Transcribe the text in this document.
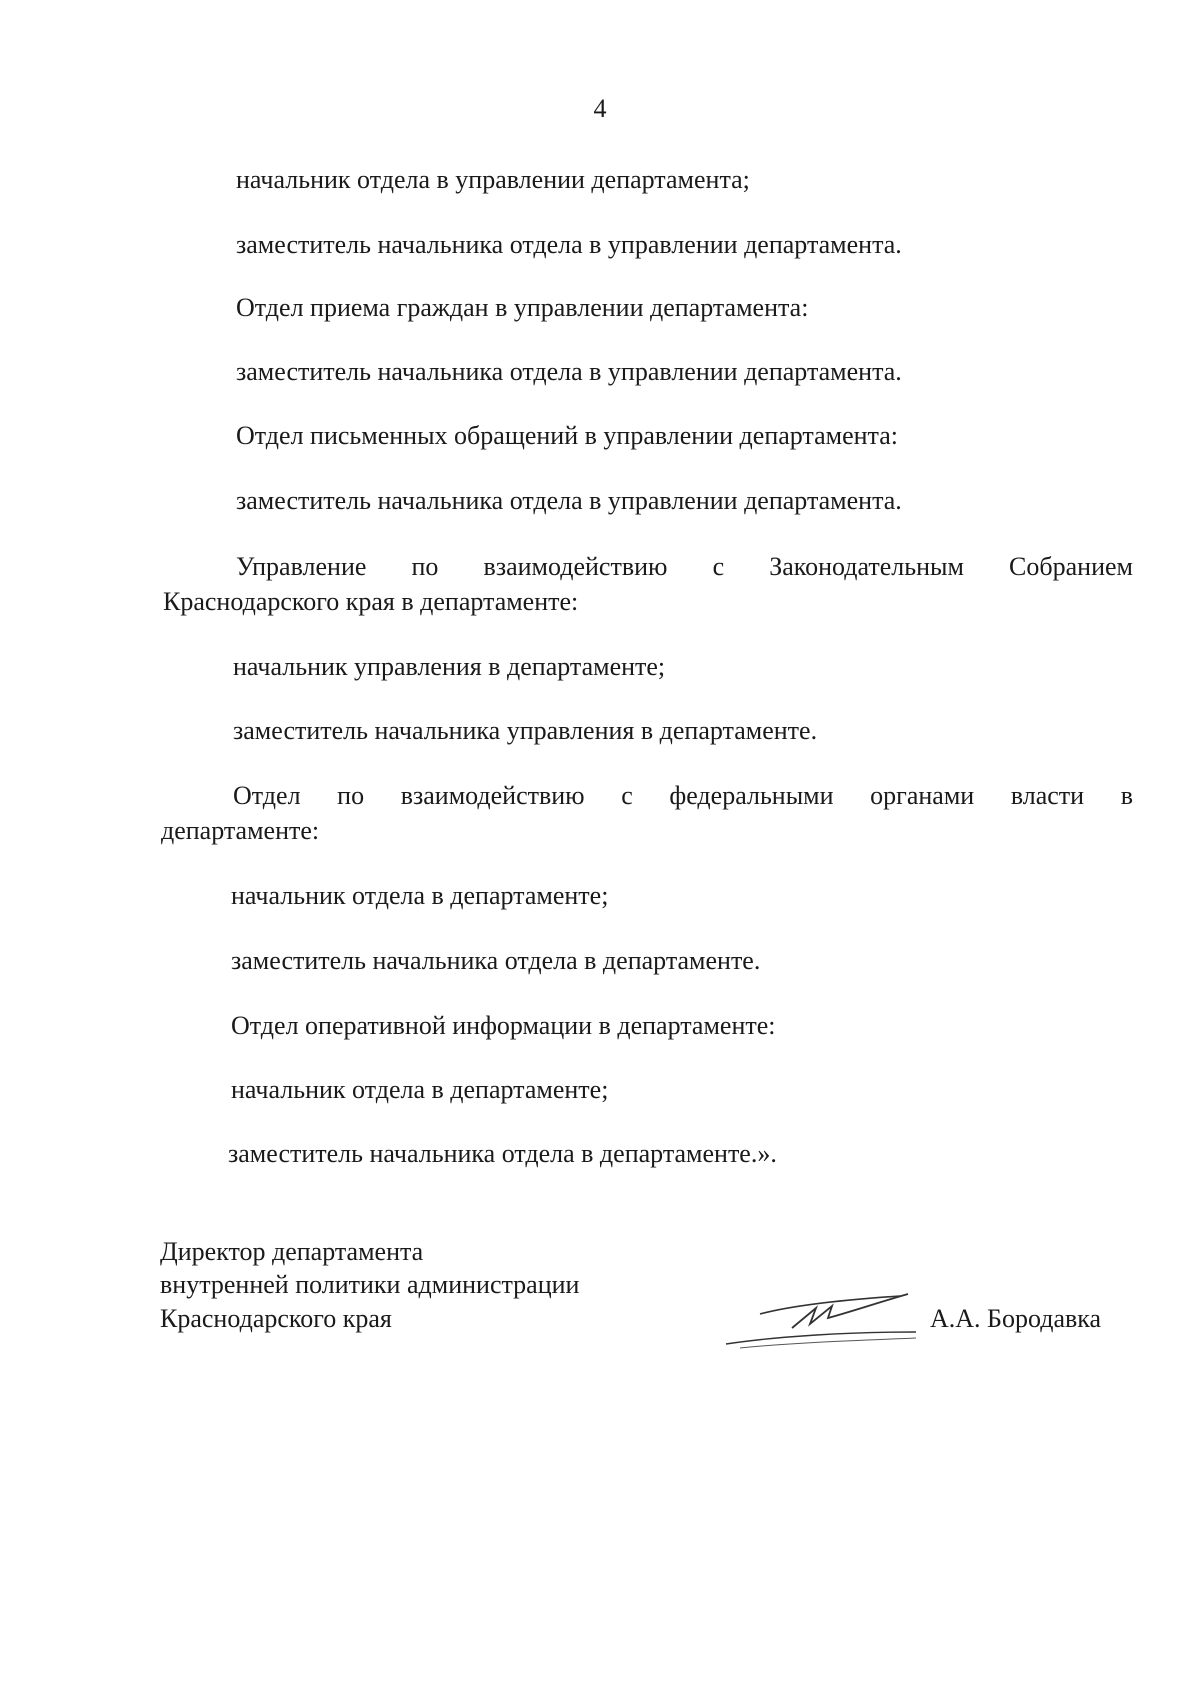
4
начальник отдела в управлении департамента;
заместитель начальника отдела в управлении департамента.
Отдел приема граждан в управлении департамента:
заместитель начальника отдела в управлении департамента.
Отдел письменных обращений в управлении департамента:
заместитель начальника отдела в управлении департамента.
Управление по взаимодействию с Законодательным Собранием
Краснодарского края в департаменте:
начальник управления в департаменте;
заместитель начальника управления в департаменте.
Отдел по взаимодействию с федеральными органами власти в
департаменте:
начальник отдела в департаменте;
заместитель начальника отдела в департаменте.
Отдел оперативной информации в департаменте:
начальник отдела в департаменте;
заместитель начальника отдела в департаменте.».
Директор департамента
внутренней политики администрации
Краснодарского края	А.А. Бородавка
